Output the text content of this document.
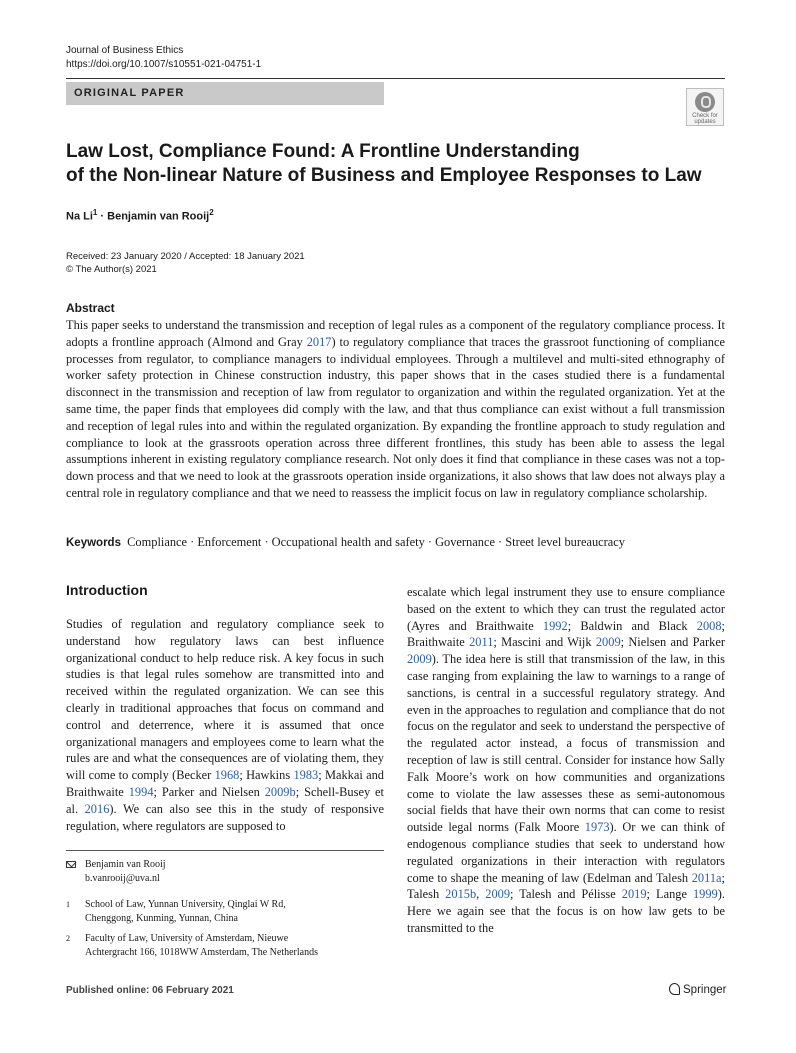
Journal of Business Ethics
https://doi.org/10.1007/s10551-021-04751-1
ORIGINAL PAPER
Check for updates
Law Lost, Compliance Found: A Frontline Understanding
of the Non-linear Nature of Business and Employee Responses to Law
Na $Li^1$ · Benjamin van Rooij$^2$
Received: 23 January 2020 / Accepted: 18 January 2021
© The Author(s) 2021
Abstract
This paper seeks to understand the transmission and reception of legal rules as a component of the regulatory compliance process. It adopts a frontline approach (Almond and Gray 2017) to regulatory compliance that traces the grassroot functioning of compliance processes from regulator, to compliance managers to individual employees. Through a multilevel and multi-sited ethnography of worker safety protection in Chinese construction industry, this paper shows that in the cases studied there is a fundamental disconnect in the transmission and reception of law from regulator to organization and within the regulated organization. Yet at the same time, the paper finds that employees did comply with the law, and that thus compliance can exist without a full transmission and reception of legal rules into and within the regulated organization. By expanding the frontline approach to study regulation and compliance to look at the grassroots operation across three different frontlines, this study has been able to assess the legal assumptions inherent in existing regulatory compliance research. Not only does it find that compliance in these cases was not a top-down process and that we need to look at the grassroots operation inside organizations, it also shows that law does not always play a central role in regulatory compliance and that we need to reassess the implicit focus on law in regulatory compliance scholarship.
Keywords Compliance · Enforcement · Occupational health and safety · Governance · Street level bureaucracy
Introduction
Studies of regulation and regulatory compliance seek to understand how regulatory laws can best influence organizational conduct to help reduce risk. A key focus in such studies is that legal rules somehow are transmitted into and received within the regulated organization. We can see this clearly in traditional approaches that focus on command and control and deterrence, where it is assumed that once organizational managers and employees come to learn what the rules are and what the consequences are of violating them, they will come to comply (Becker 1968; Hawkins 1983; Makkai and Braithwaite 1994; Parker and Nielsen 2009b; Schell-Busey et al. 2016). We can also see this in the study of responsive regulation, where regulators are supposed to
escalate which legal instrument they use to ensure compliance based on the extent to which they can trust the regulated actor (Ayres and Braithwaite 1992; Baldwin and Black 2008; Braithwaite 2011; Mascini and Wijk 2009; Nielsen and Parker 2009). The idea here is still that transmission of the law, in this case ranging from explaining the law to warnings to a range of sanctions, is central in a successful regulatory strategy. And even in the approaches to regulation and compliance that do not focus on the regulator and seek to understand the perspective of the regulated actor instead, a focus of transmission and reception of law is still central. Consider for instance how Sally Falk Moore’s work on how communities and organizations come to violate the law assesses these as semi-autonomous social fields that have their own norms that can come to resist outside legal norms (Falk Moore 1973). Or we can think of endogenous compliance studies that seek to understand how regulated organizations in their interaction with regulators come to shape the meaning of law (Edelman and Talesh 2011a; Talesh 2015b, 2009; Talesh and Pélisse 2019; Lange 1999). Here we again see that the focus is on how law gets to be transmitted to the
Benjamin van Rooij
b.vanrooij@uva.nl
1 School of Law, Yunnan University, Qinglai W Rd,
Chenggong, Kunming, Yunnan, China
2 Faculty of Law, University of Amsterdam, Nieuwe
Achtergracht 166, 1018WW Amsterdam, The Netherlands
Published online: 06 February 2021	Springer
